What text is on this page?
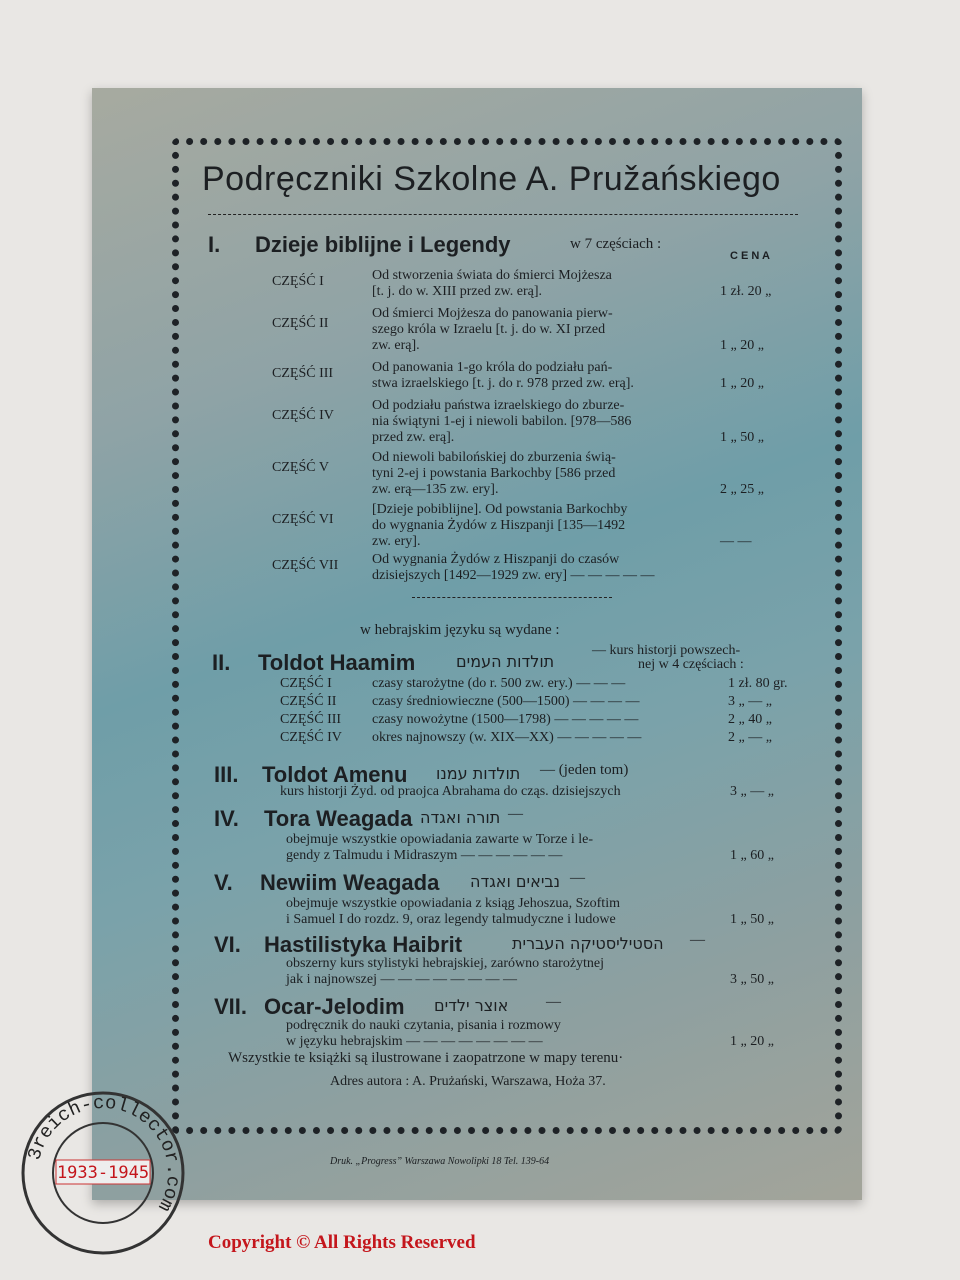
Podręczniki Szkolne A. Pružańskie͏go
I. Dzieje biblijne i Legendy	w 7 częściach :
C E N A
CZĘŚĆ I	Od stworzenia świata do śmierci Mojżesza
[t. j. do w. XIII przed zw. erą].	1 zł. 20 „
CZĘŚĆ II
Od śmierci Mojżesza do panowania pierw-
szego króla w Izraelu [t. j. do w. XI przed
zw. erą].	1 „ 20 „
CZĘŚĆ III	Od panowania 1-go króla do podziału pań-
stwa izraelskiego [t. j. do r. 978 przed zw. erą].	1 „ 20 „
CZĘŚĆ IV
Od podziału państwa izraelskiego do zburze-
nia świątyni 1-ej i niewoli babilon. [978—586
przed zw. erą].	1 „ 50 „
CZĘŚĆ V
Od niewoli babilońskiej do zburzenia świą-
tyni 2-ej i powstania Barkochby [586 przed
zw. erą—135 zw. ery].	2 „ 25 „
CZĘŚĆ VI
[Dzieje pobiblijne]. Od powstania Barkochby
do wygnania Żydów z Hiszpanji [135—1492
zw. ery].	— —
CZĘŚĆ VII Od wygnania Żydów z Hiszpanji do czasów
dzisiejszych [1492—1929 zw. ery] — — — — —
w hebrajskim języku są wydane :
II. Toldot Haamim	תולדות העמים
— kurs historji powszech-
nej w 4 częściach :
CZĘŚĆ I	czasy starożytne (do r. 500 zw. ery.) — — —	1 zł. 80 gr.
CZĘŚĆ II	czasy średniowieczne (500—1500) — — — —	3 „ — „
CZĘŚĆ III czasy nowożytne (1500—1798) — — — — —	2 „ 40 „
CZĘŚĆ IV okres najnowszy (w. XIX—XX) — — — — —	2 „ — „
III. Toldot Amenu תולדות עמנו — (jeden tom)
kurs historji Żyd. od praojca Abrahama do cząs. dzisiejszych	3 „ — „
IV. Tora Weagada תורה ואגדה —
obejmuje wszystkie opowiadania zawarte w Torze i le-
gendy z Talmudu i Midraszym — — — — — —	1 „ 60 „
V. Newiim Weagada נביאים ואגדה —
obejmuje wszystkie opowiadania z ksiąg Jehoszua, Szoftim
i Samuel I do rozdz. 9, oraz legendy talmudyczne i ludowe	1 „ 50 „
VI. Hastilistyka Haibrit	הסטיליסטיקה העברית —
obszerny kurs stylistyki hebrajskiej, zarówno starożytnej
jak i najnowszej — — — — — — — —	3 „ 50 „
VII. Ocar-Jelodim אוצר ילדים	—
podręcznik do nauki czytania, pisania i rozmowy
w języku hebrajskim — — — — — — — —	1 „ 20 „
Wszystkie te książki są ilustrowane i zaopatrzone w mapy terenu·
Adres autora : A. Prużański, Warszawa, Hoża 37.
Druk. „Progress” Warszawa Nowolipki 18 Tel. 139-64
Copyright © All Rights Reserved
3reich-collector.com
1933-1945
